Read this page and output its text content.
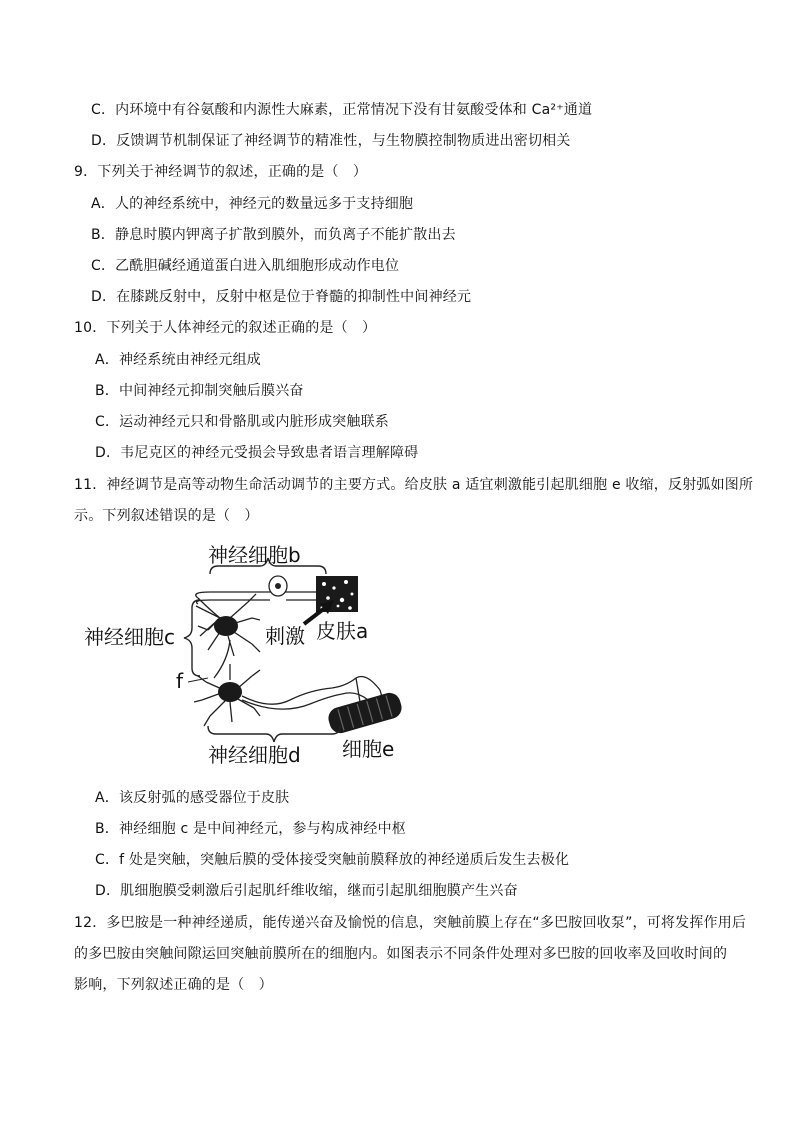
C．内环境中有谷氨酸和内源性大麻素，正常情况下没有甘氨酸受体和 Ca²⁺通道
D．反馈调节机制保证了神经调节的精准性，与生物膜控制物质进出密切相关
9．下列关于神经调节的叙述，正确的是（　）
A．人的神经系统中，神经元的数量远多于支持细胞
B．静息时膜内钾离子扩散到膜外，而负离子不能扩散出去
C．乙酰胆碱经通道蛋白进入肌细胞形成动作电位
D．在膝跳反射中，反射中枢是位于脊髓的抑制性中间神经元
10．下列关于人体神经元的叙述正确的是（　）
A．神经系统由神经元组成
B．中间神经元抑制突触后膜兴奋
C．运动神经元只和骨骼肌或内脏形成突触联系
D．韦尼克区的神经元受损会导致患者语言理解障碍
11．神经调节是高等动物生命活动调节的主要方式。给皮肤 a 适宜刺激能引起肌细胞 e 收缩，反射弧如图所
示。下列叙述错误的是（　）
神经细胞b
刺激 皮肤a
神经细胞c
f
神经细胞d 细胞e
A．该反射弧的感受器位于皮肤
B．神经细胞 c 是中间神经元，参与构成神经中枢
C．f 处是突触，突触后膜的受体接受突触前膜释放的神经递质后发生去极化
D．肌细胞膜受刺激后引起肌纤维收缩，继而引起肌细胞膜产生兴奋
12．多巴胺是一种神经递质，能传递兴奋及愉悦的信息，突触前膜上存在“多巴胺回收泵”，可将发挥作用后
的多巴胺由突触间隙运回突触前膜所在的细胞内。如图表示不同条件处理对多巴胺的回收率及回收时间的
影响，下列叙述正确的是（　）
